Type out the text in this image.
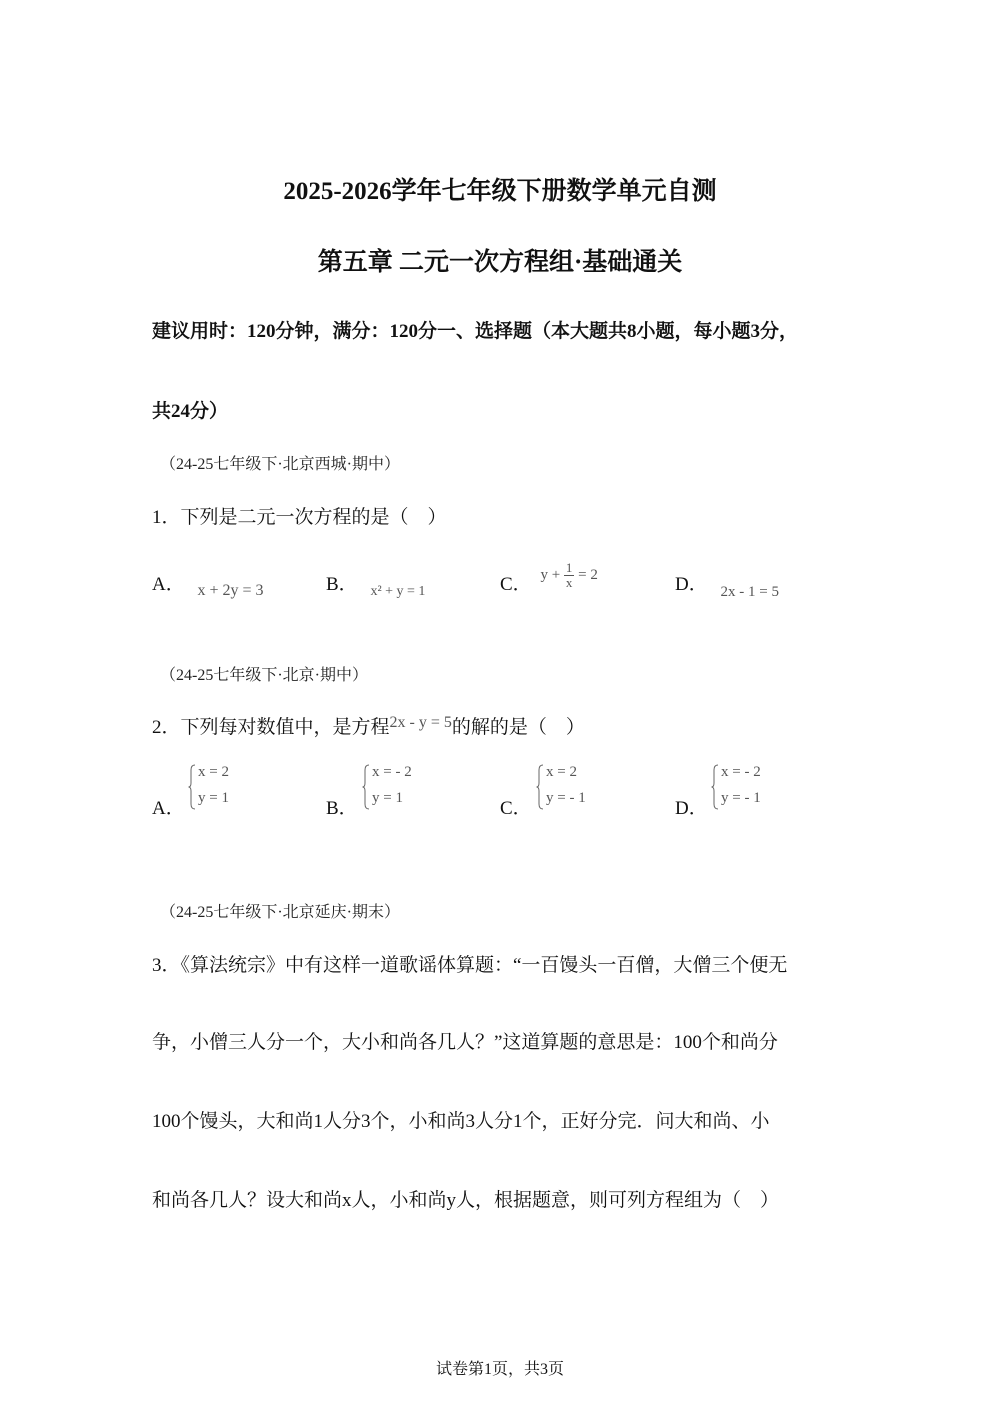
2025-2026学年七年级下册数学单元自测
第五章 二元一次方程组·基础通关
建议用时：120分钟，满分：120分一、选择题（本大题共8小题，每小题3分，
共24分）
（24-25七年级下·北京西城·期中）
1．下列是二元一次方程的是（　）
A． $_{x + 2y = 3}$	B． $_{x^2 + y = 1}$	C． $y + \frac{1}{x} = 2$	D． $_{2x - 1 = 5}$
（24-25七年级下·北京·期中）
2．下列每对数值中，是方程$^{2x - y = 5}$的解的是（　）
A．
x = 2
y = 1	B．
x = - 2
y = 1	C．
x = 2
y = - 1	D．
x = - 2
y = - 1
（24-25七年级下·北京延庆·期末）
3．《算法统宗》中有这样一道歌谣体算题：“一百馒头一百僧，大僧三个便无
争，小僧三人分一个，大小和尚各几人？”这道算题的意思是：100个和尚分
100个馒头，大和尚1人分3个，小和尚3人分1个，正好分完．问大和尚、小
和尚各几人？设大和尚x人，小和尚y人，根据题意，则可列方程组为（　）
试卷第1页，共3页
